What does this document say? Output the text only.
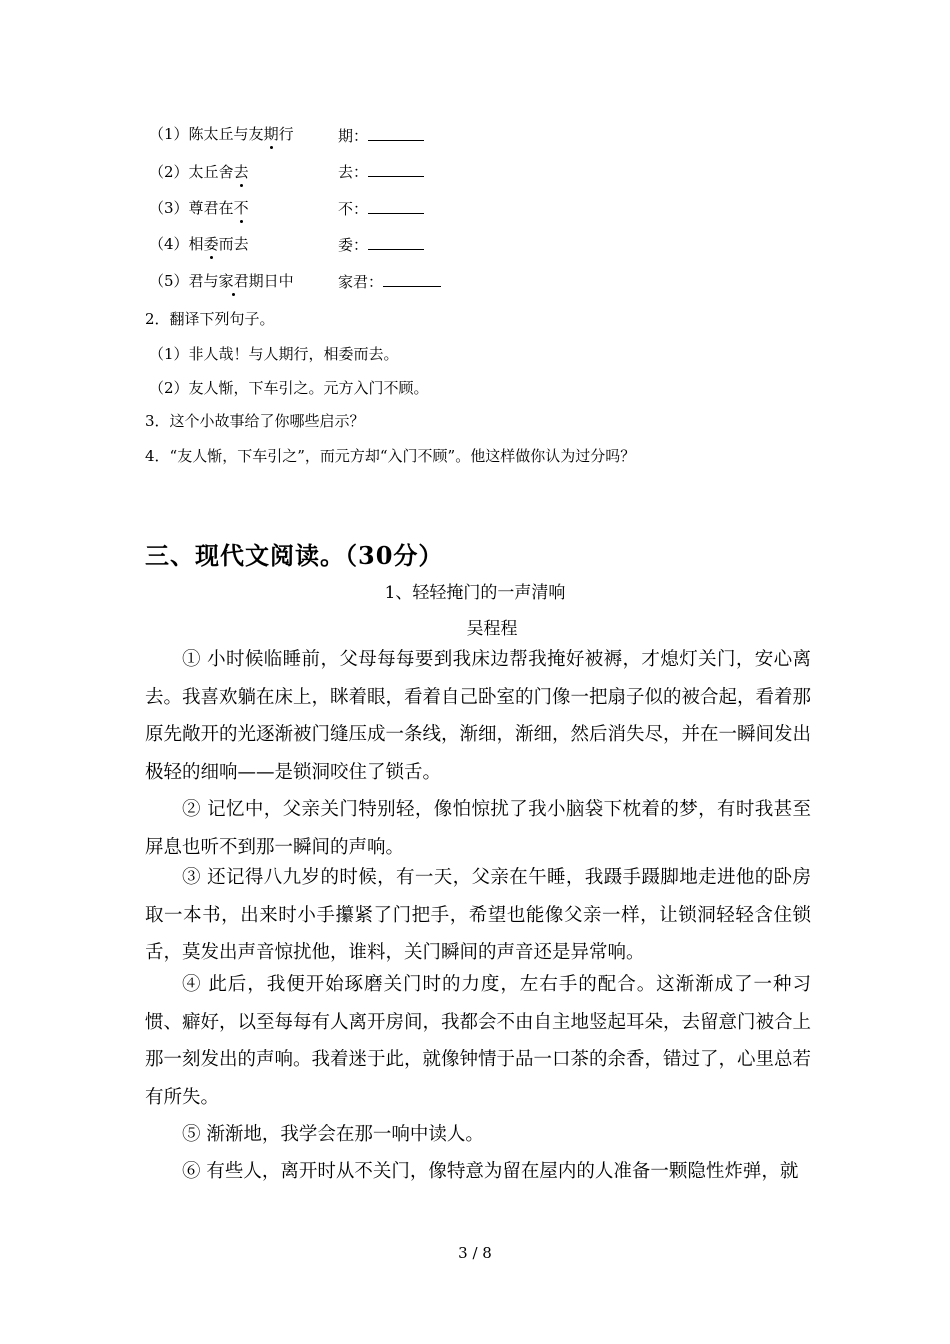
（1）陈太丘与友期行	期：
（2）太丘舍去	去：
（3）尊君在不	不：
（4）相委而去	委：
（5）君与家君期日中	家君：
2．翻译下列句子。
（1）非人哉！与人期行，相委而去。
（2）友人惭，下车引之。元方入门不顾。
3．这个小故事给了你哪些启示？
4．“友人惭，下车引之”，而元方却“入门不顾”。他这样做你认为过分吗？
三、现代文阅读。（30分）
1、轻轻掩门的一声清响
吴程程
① 小时候临睡前，父母每每要到我床边帮我掩好被褥，才熄灯关门，安心离去。我喜欢躺在床上，眯着眼，看着自己卧室的门像一把扇子似的被合起，看着那原先敞开的光逐渐被门缝压成一条线，渐细，渐细，然后消失尽，并在一瞬间发出极轻的细响——是锁洞咬住了锁舌。
② 记忆中，父亲关门特别轻，像怕惊扰了我小脑袋下枕着的梦，有时我甚至屏息也听不到那一瞬间的声响。
③ 还记得八九岁的时候，有一天，父亲在午睡，我蹑手蹑脚地走进他的卧房取一本书，出来时小手攥紧了门把手，希望也能像父亲一样，让锁洞轻轻含住锁舌，莫发出声音惊扰他，谁料，关门瞬间的声音还是异常响。
④ 此后，我便开始琢磨关门时的力度，左右手的配合。这渐渐成了一种习惯、癖好，以至每每有人离开房间，我都会不由自主地竖起耳朵，去留意门被合上那一刻发出的声响。我着迷于此，就像钟情于品一口茶的余香，错过了，心里总若有所失。
⑤ 渐渐地，我学会在那一响中读人。
⑥ 有些人，离开时从不关门，像特意为留在屋内的人准备一颗隐性炸弹，就
3 / 8
